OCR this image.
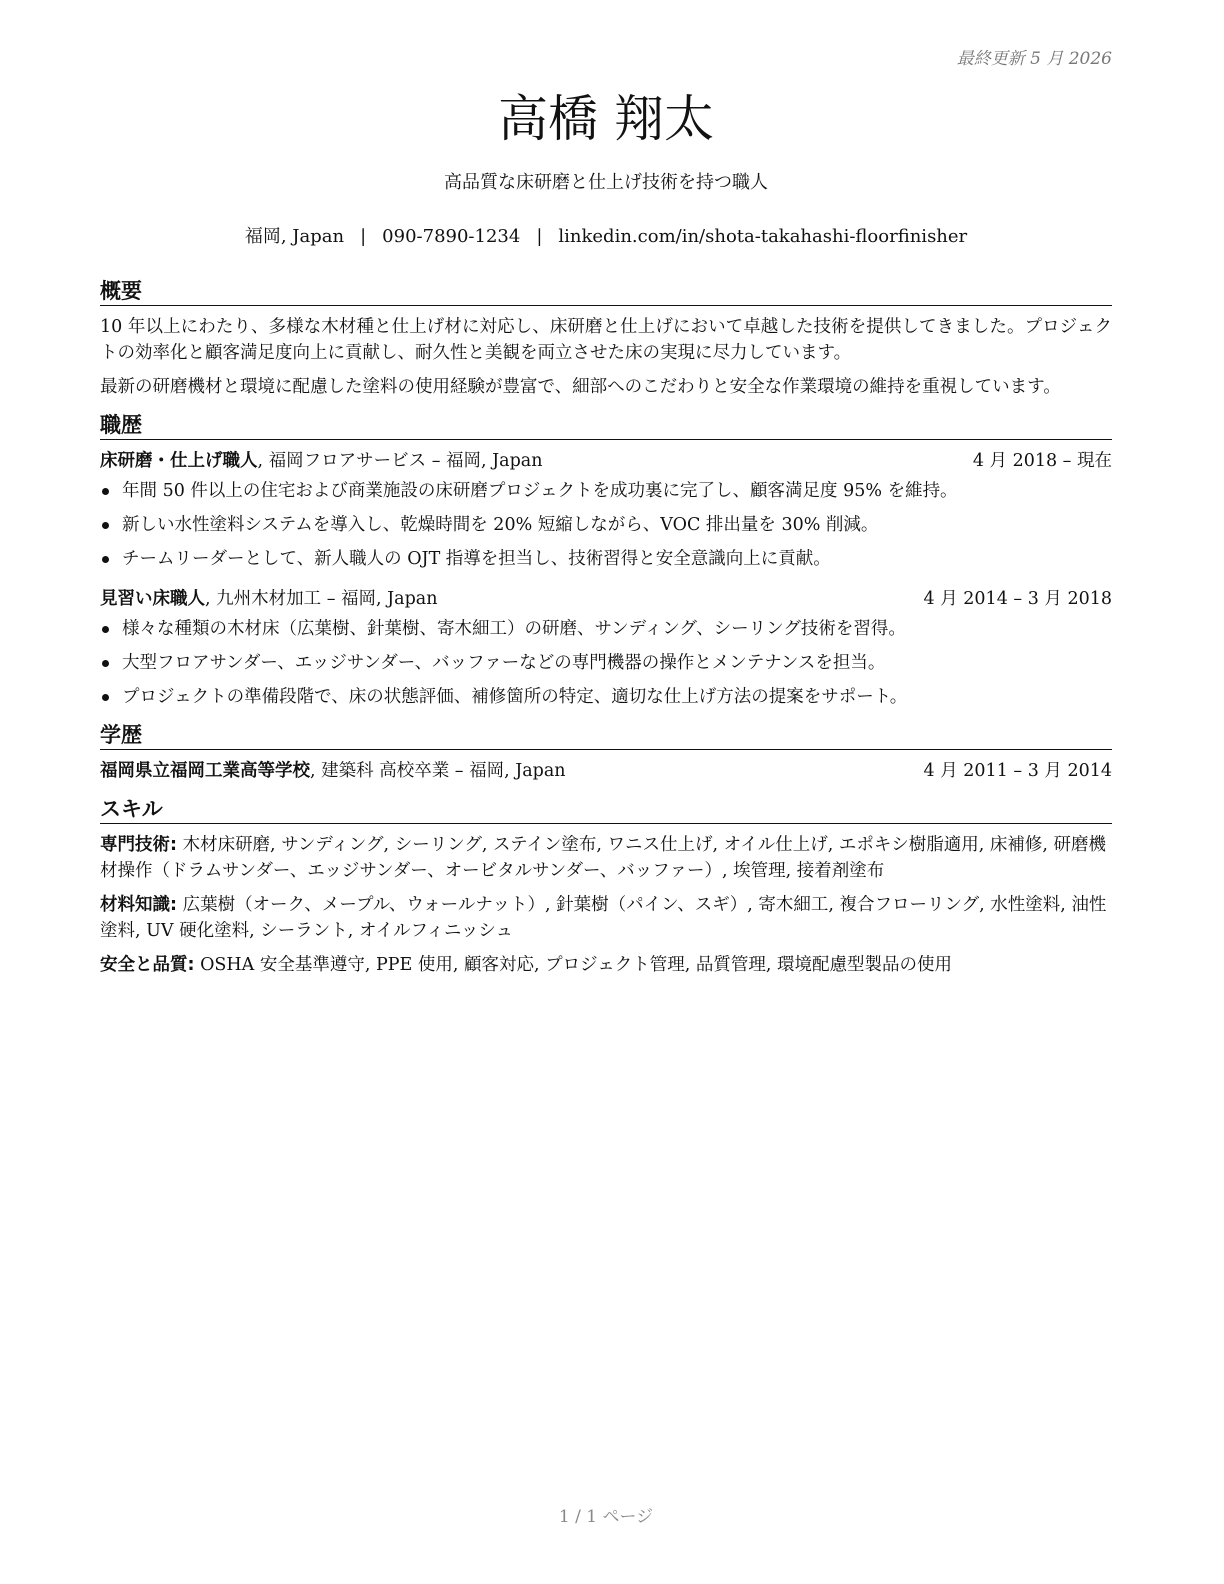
最終更新 5 月 2026
高橋 翔太
高品質な床研磨と仕上げ技術を持つ職人
福岡, Japan | 090-7890-1234 | linkedin.com/in/shota-takahashi-floorfinisher
概要

10 年以上にわたり、多様な木材種と仕上げ材に対応し、床研磨と仕上げにおいて卓越した技術を提供してきました。プロジェクトの効率化と顧客満足度向上に貢献し、耐久性と美観を両立させた床の実現に尽力しています。

最新の研磨機材と環境に配慮した塗料の使用経験が豊富で、細部へのこだわりと安全な作業環境の維持を重視しています。

職歴
床研磨・仕上げ職人, 福岡フロアサービス – 福岡, Japan	4 月 2018 – 現在
年間 50 件以上の住宅および商業施設の床研磨プロジェクトを成功裏に完了し、顧客満足度 95% を維持。
新しい水性塗料システムを導入し、乾燥時間を 20% 短縮しながら、VOC 排出量を 30% 削減。
チームリーダーとして、新人職人の OJT 指導を担当し、技術習得と安全意識向上に貢献。
見習い床職人, 九州木材加工 – 福岡, Japan	4 月 2014 – 3 月 2018
様々な種類の木材床（広葉樹、針葉樹、寄木細工）の研磨、サンディング、シーリング技術を習得。
大型フロアサンダー、エッジサンダー、バッファーなどの専門機器の操作とメンテナンスを担当。
プロジェクトの準備段階で、床の状態評価、補修箇所の特定、適切な仕上げ方法の提案をサポート。
学歴
福岡県立福岡工業高等学校, 建築科 高校卒業 – 福岡, Japan	4 月 2011 – 3 月 2014
スキル
専門技術: 木材床研磨, サンディング, シーリング, ステイン塗布, ワニス仕上げ, オイル仕上げ, エポキシ樹脂適用, 床補修, 研磨機材操作（ドラムサンダー、エッジサンダー、オービタルサンダー、バッファー）, 埃管理, 接着剤塗布
材料知識: 広葉樹（オーク、メープル、ウォールナット）, 針葉樹（パイン、スギ）, 寄木細工, 複合フローリング, 水性塗料, 油性塗料, UV 硬化塗料, シーラント, オイルフィニッシュ
安全と品質: OSHA 安全基準遵守, PPE 使用, 顧客対応, プロジェクト管理, 品質管理, 環境配慮型製品の使用
1 / 1 ページ
